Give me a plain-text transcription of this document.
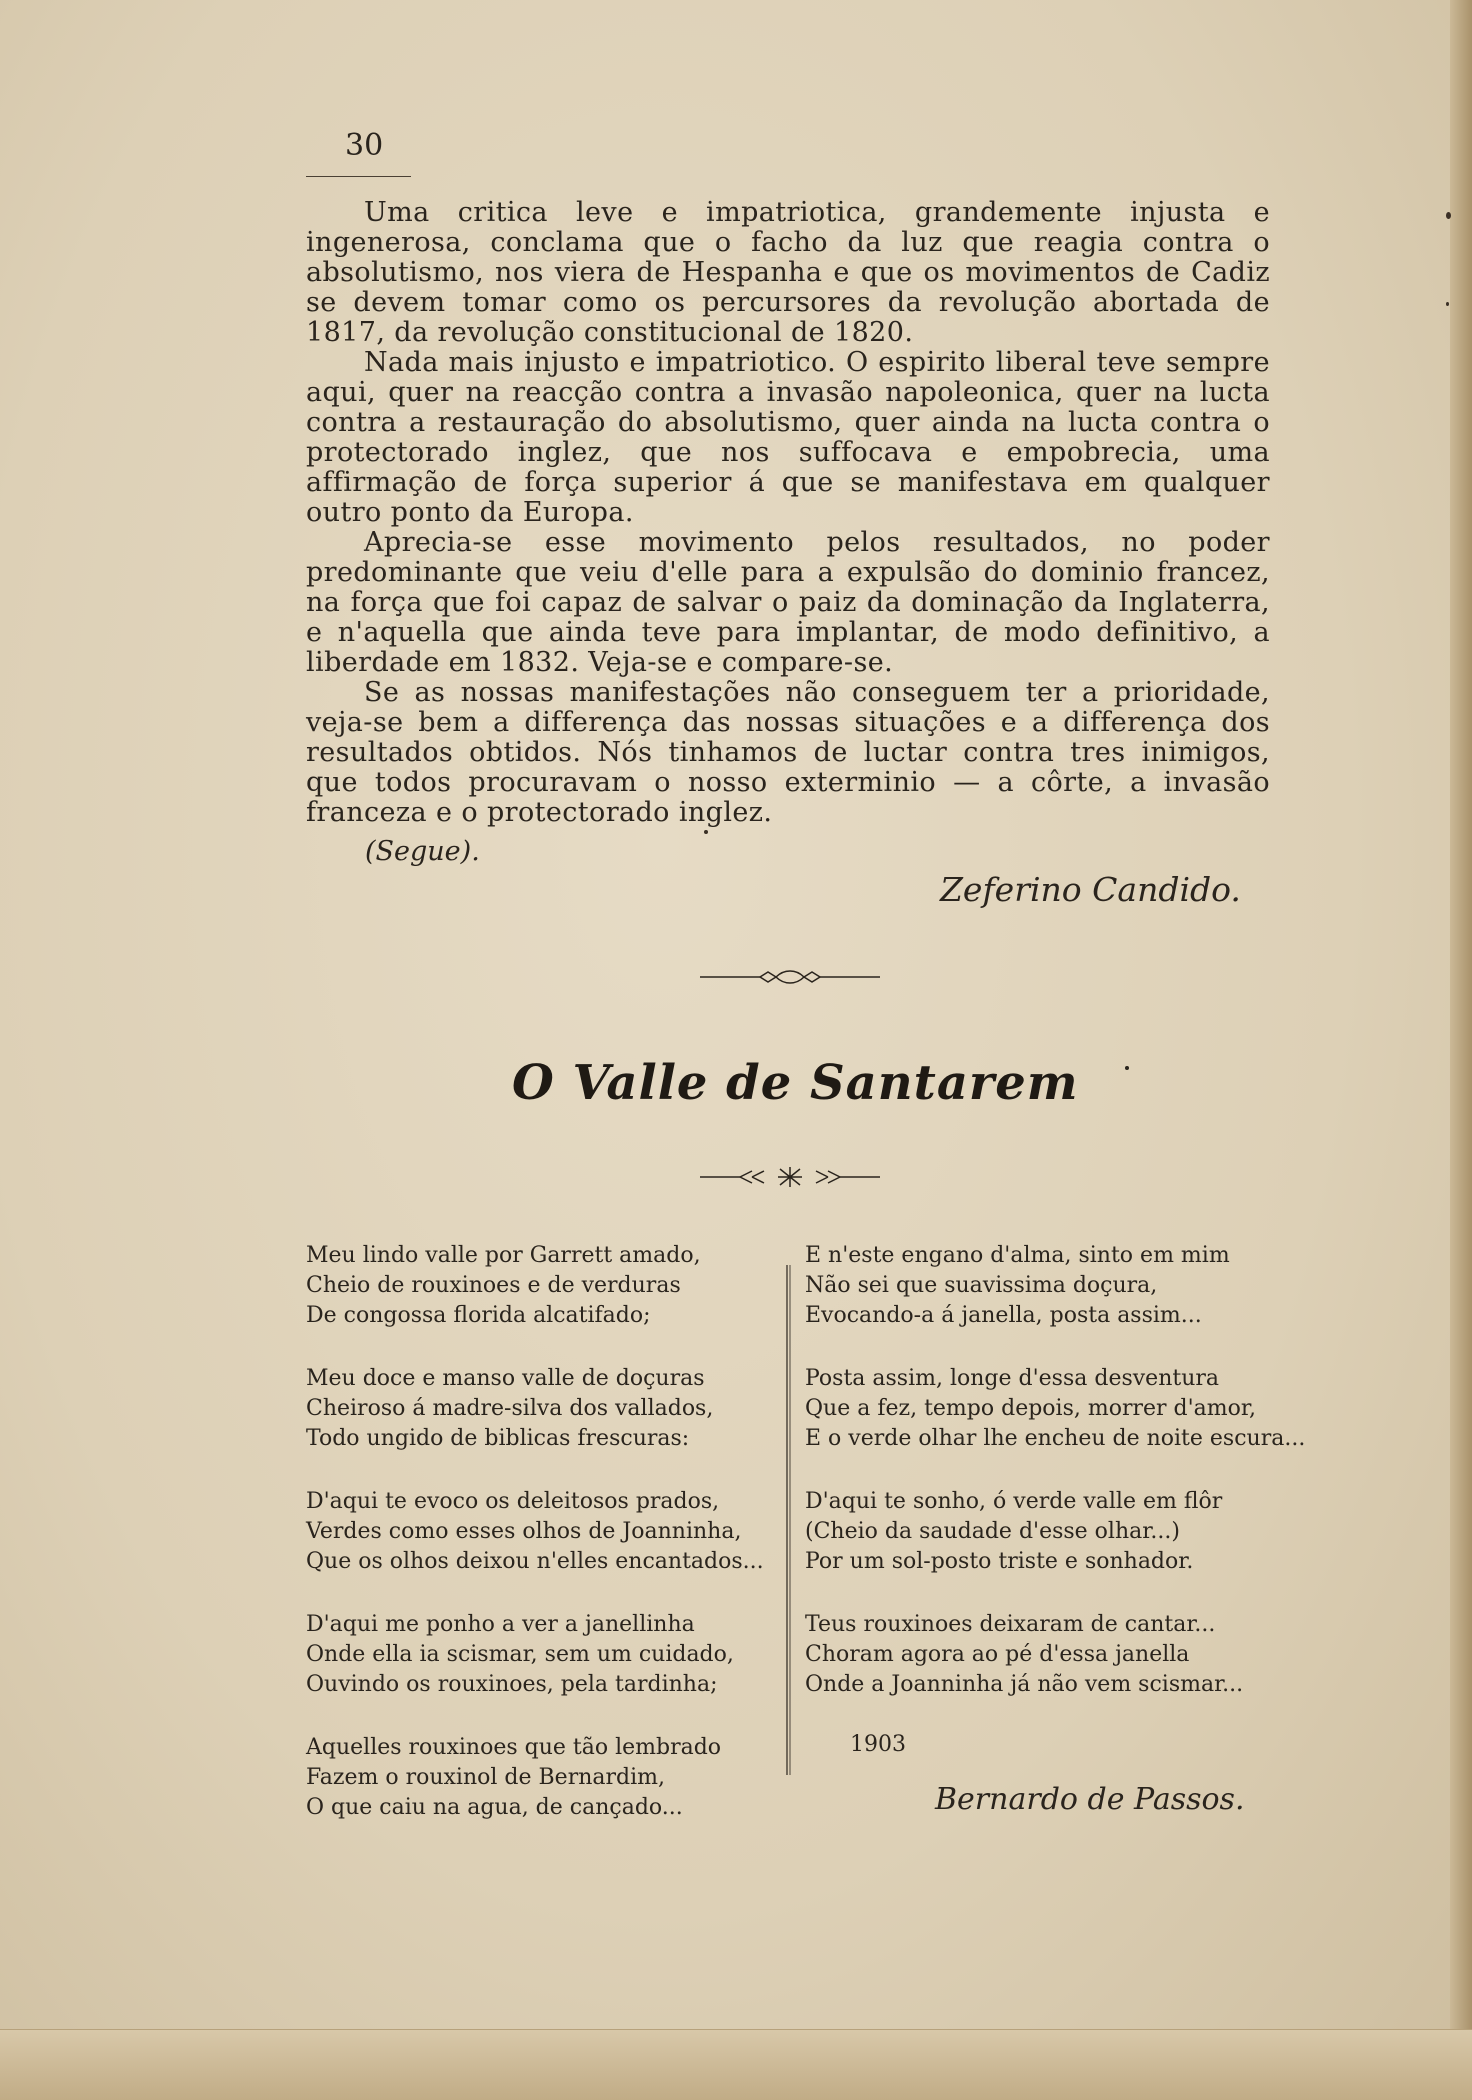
30

Uma critica leve e impatriotica, grandemente injusta e ingenerosa, conclama que o facho da luz que reagia contra o absolutismo, nos viera de Hespanha e que os movimentos de Cadiz se devem tomar como os percursores da revolução abortada de 1817, da revolução constitucional de 1820.

Nada mais injusto e impatriotico. O espirito liberal teve sempre aqui, quer na reacção contra a invasão napoleonica, quer na lucta contra a restauração do absolutismo, quer ainda na lucta contra o protectorado inglez, que nos suffocava e empobrecia, uma affirmação de força superior á que se manifestava em qualquer outro ponto da Europa.

Aprecia-se esse movimento pelos resultados, no poder predominante que veiu d'elle para a expulsão do dominio francez, na força que foi capaz de salvar o paiz da dominação da Inglaterra, e n'aquella que ainda teve para implantar, de modo definitivo, a liberdade em 1832. Veja-se e compare-se.

Se as nossas manifestações não conseguem ter a prioridade, veja-se bem a differença das nossas situações e a differença dos resultados obtidos. Nós tinhamos de luctar contra tres inimigos, que todos procuravam o nosso exterminio — a côrte, a invasão franceza e o protectorado inglez.

(Segue).
Zeferino Candido.
O Valle de Santarem
Meu lindo valle por Garrett amado,
Cheio de rouxinoes e de verduras
De congossa florida alcatifado;
Meu doce e manso valle de doçuras
Cheiroso á madre-silva dos vallados,
Todo ungido de biblicas frescuras:
D'aqui te evoco os deleitosos prados,
Verdes como esses olhos de Joanninha,
Que os olhos deixou n'elles encantados...
D'aqui me ponho a ver a janellinha
Onde ella ia scismar, sem um cuidado,
Ouvindo os rouxinoes, pela tardinha;
Aquelles rouxinoes que tão lembrado
Fazem o rouxinol de Bernardim,
O que caiu na agua, de cançado...
E n'este engano d'alma, sinto em mim
Não sei que suavissima doçura,
Evocando-a á janella, posta assim...
Posta assim, longe d'essa desventura
Que a fez, tempo depois, morrer d'amor,
E o verde olhar lhe encheu de noite escura...
D'aqui te sonho, ó verde valle em flôr
(Cheio da saudade d'esse olhar...)
Por um sol-posto triste e sonhador.
Teus rouxinoes deixaram de cantar...
Choram agora ao pé d'essa janella
Onde a Joanninha já não vem scismar...
1903
Bernardo de Passos.
